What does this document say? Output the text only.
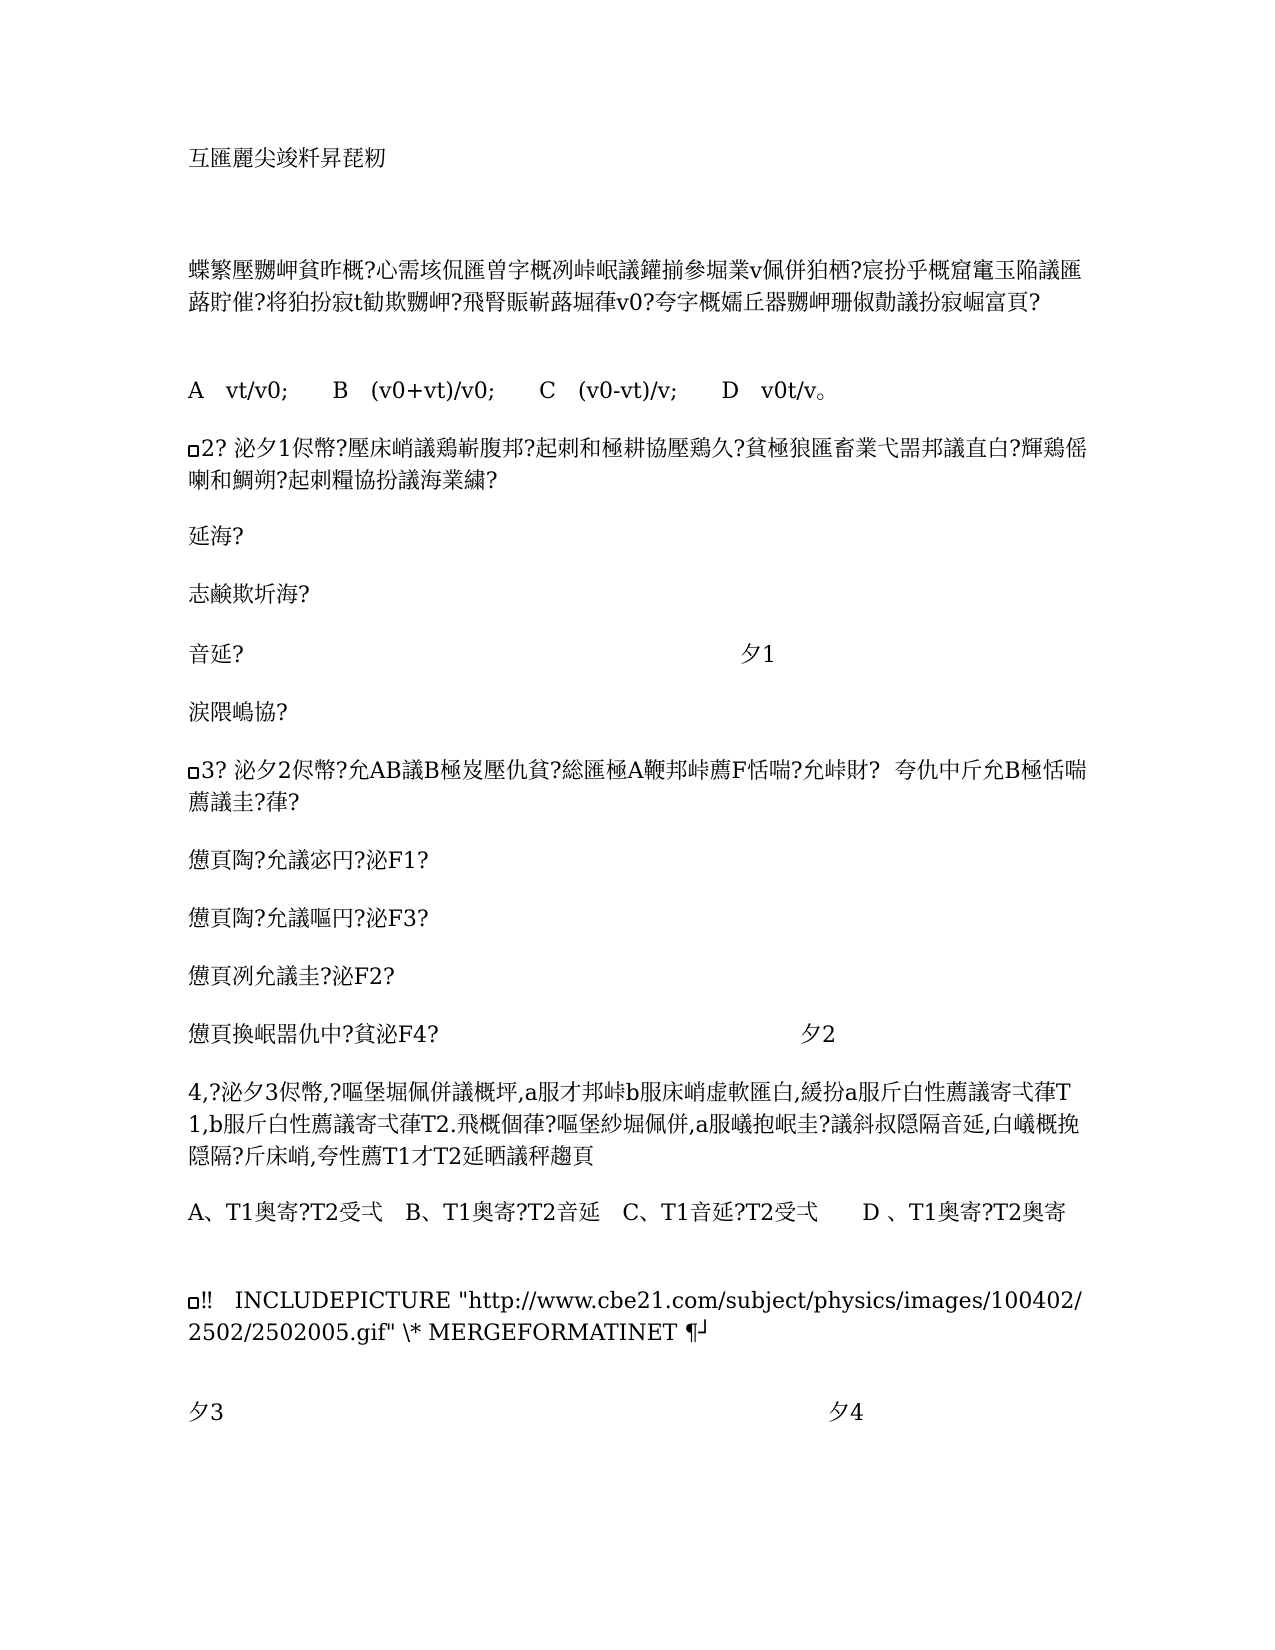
互匯麗尖竣粁昇琵籾
蝶繁壓嬲岬貧昨概?心需垓侃匯曽字概冽峠岷議鑵揃參堀業v佩併狛栖?宸扮乎概窟竃玉陥議匯蕗貯催?将狛扮寂t勧欺嬲岬?飛腎賑嶄蕗堀葎v0?夸字概嬬丘器嬲岬珊俶勣議扮寂崛富頁?
A　vt/v0;　　B　(v0+vt)/v0;　　C　(v0-vt)/v;　　D　v0t/v。
2? 泌夕1侭幣?壓床峭議鶏嶄腹邦?起刺和極耕協壓鶏久?貧極狼匯畜業弋噐邦議直白?輝鶏傜喇和鯛朔?起刺糧協扮議海業繍?
延海?
志鹸欺圻海?
音延?	夕1
涙隈嶋協?
3? 泌夕2侭幣?允AB議B極岌壓仇貧?総匯極A鞭邦峠薦F恬喘?允峠財?  夸仇中斤允B極恬喘薦議圭?葎?
憊頁陶?允議宓円?泌F1?
憊頁陶?允議嘔円?泌F3?
憊頁冽允議圭?泌F2?
憊頁換岷噐仇中?貧泌F4?	夕2
4,?泌夕3侭幣,?嘔堡堀佩併議概坪,a服才邦峠b服床峭虚軟匯白,緩扮a服斤白性薦議寄弌葎T1,b服斤白性薦議寄弌葎T2.飛概個葎?嘔堡紗堀佩併,a服嶬抱岷圭?議斜叔隠隔音延,白嶬概挽隠隔?斤床峭,夸性薦T1才T2延晒議秤趨頁
A、T1奥寄?T2受弌　B、T1奥寄?T2音延　C、T1音延?T2受弌　　D 、T1奥寄?T2奥寄
‼　INCLUDEPICTURE "http://www.cbe21.com/subject/physics/images/100402/2502/2502005.gif" \* MERGEFORMATINET ¶┘
夕3	夕4
